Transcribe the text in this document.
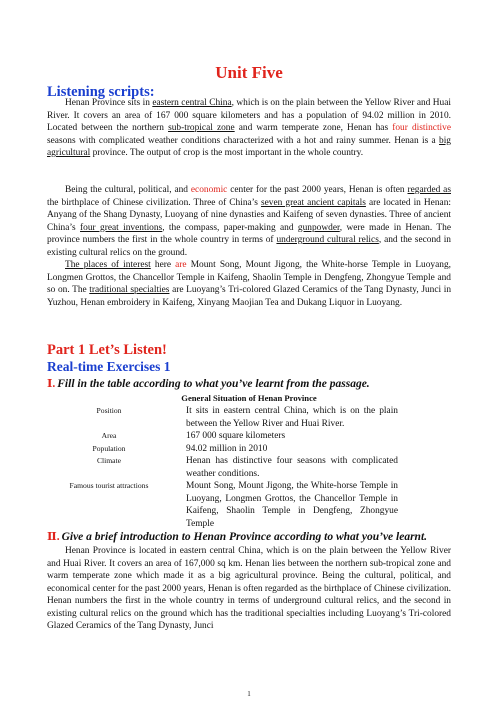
Unit Five
Listening scripts:

Henan Province sits in eastern central China, which is on the plain between the Yellow River and Huai River. It covers an area of 167 000 square kilometers and has a population of 94.02 million in 2010. Located between the northern sub-tropical zone and warm temperate zone, Henan has four distinctive seasons with complicated weather conditions characterized with a hot and rainy summer. Henan is a big agricultural province. The output of crop is the most important in the whole country.

Being the cultural, political, and economic center for the past 2000 years, Henan is often regarded as the birthplace of Chinese civilization. Three of China’s seven great ancient capitals are located in Henan: Anyang of the Shang Dynasty, Luoyang of nine dynasties and Kaifeng of seven dynasties. Three of ancient China’s four great inventions, the compass, paper-making and gunpowder, were made in Henan. The province numbers the first in the whole country in terms of underground cultural relics, and the second in existing cultural relics on the ground.

The places of interest here are Mount Song, Mount Jigong, the White-horse Temple in Luoyang, Longmen Grottos, the Chancellor Temple in Kaifeng, Shaolin Temple in Dengfeng, Zhongyue Temple and so on. The traditional specialties are Luoyang’s Tri-colored Glazed Ceramics of the Tang Dynasty, Junci in Yuzhou, Henan embroidery in Kaifeng, Xinyang Maojian Tea and Dukang Liquor in Luoyang.

Part 1 Let’s Listen!
Real-time Exercises 1
Ⅰ. Fill in the table according to what you’ve learnt from the passage.
General Situation of Henan Province
Position	It sits in eastern central China, which is on the plain between the Yellow River and Huai River.
Area	167 000 square kilometers
Population	94.02 million in 2010
Climate	Henan has distinctive four seasons with complicated weather conditions.
Famous tourist attractions	Mount Song, Mount Jigong, the White-horse Temple in Luoyang, Longmen Grottos, the Chancellor Temple in Kaifeng, Shaolin Temple in Dengfeng, Zhongyue Temple
Ⅱ. Give a brief introduction to Henan Province according to what you’ve learnt.

Henan Province is located in eastern central China, which is on the plain between the Yellow River and Huai River. It covers an area of 167,000 sq km. Henan lies between the northern sub-tropical zone and warm temperate zone which made it as a big agricultural province. Being the cultural, political, and economical center for the past 2000 years, Henan is often regarded as the birthplace of Chinese civilization. Henan numbers the first in the whole country in terms of underground cultural relics, and the second in existing cultural relics on the ground which has the traditional specialties including Luoyang’s Tri-colored Glazed Ceramics of the Tang Dynasty, Junci

1
